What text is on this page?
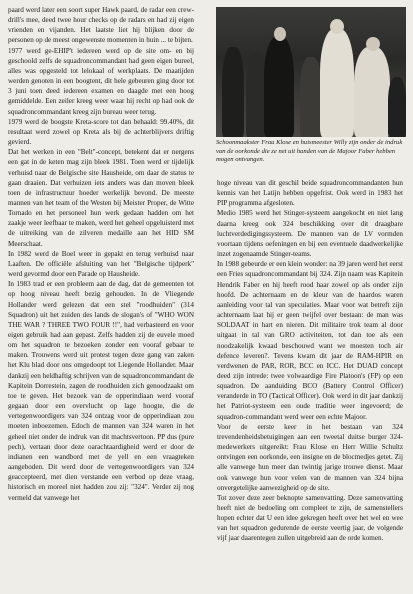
paard werd later een soort super Hawk paard, de radar een crew-drill's mee, deed twee hour checks op de radars en had zij eigen vrienden en vijanden. Het laatste liet hij blijken door de personen op de meest ongewenste momenten in huin ... te bijten.

1977 werd ge-EHIP't iedereen werd op de site om- en bij geschoold zelfs de squadroncommandant had geen eigen bureel, alles was opgesteld tot lelokaal of werkplaats. De maatijden werden genoten in een boogtent, dit hele gebeuren ging door tot 3 juni toen deed iedereen examen en daagde met een hoog gemiddelde. Een zeiler kreeg weer waar hij recht op had ook de squadroncommandant kreeg zijn bureau weer terug.

1979 werd de boogste Kreta-score tot dan behaald: 99.40%, dit resultaat werd zowel op Kreta als bij de achterblijvers driftig gevierd.

Dat het werken in een "Belt"-concept, betekent dat er nergens een gat in de keten mag zijn bleek 1981. Toen werd er tijdelijk verhuisd naar de Belgische site Hausheide, om daar de status te gaan draaien. Dat verhuizen iets anders was dan moven bleek toen de infrastructuur hoeder werkelijk bevond. De meeste mannen van het team of the Westen bij Meister Proper, de Witte Tornado en het personeel hun werk gedaan hadden om het zaakje weer leefbaar te maken, werd het geheel opgeluisterd met de uitreiking van de zilveren medaille aan het HID SM Meerschaat.

In 1982 werd de Boel weer in gepakt en terug verhuisd naar Laaften. De officiële afsluiting van het "Belgische tijdperk" werd gevormd door een Parade op Hausheide.

In 1983 trad er een probleem aan de dag, dat de gemeenten tot op hoog niveau heeft bezig gehouden. In de Vliegende Hollander werd gelezen dat een stel "roodhuiden" (314 Squadron) uit het zuiden des lands de slogan's of "WHO WON THE WAR ? THREE TWO FOUR !!", had verbasteerd en voor eigen gebruik had aan gepast. Zelfs hadden zij de euvele moed om het squadron te bezoeken zonder een vooraf gebaar te maken. Trouwens werd uit protest tegen deze gang van zaken het Klu blad door ons omgedoopt tot Liegende Hollander. Maar dankzij een heldhaftig schrijven van de squadroncommandant de Kapitein Dorrestein, zagen de roodhuiden zich genoodzaakt om toe te geven. Het bezoek van de opperindiaan werd vooraf gegaan door een overvlucht op lage hoogte, die de vertegenwoordigers van 324 ontzag voor de opperindiaan zou moeten inboezemen. Edoch de mannen van 324 waren in het geheel niet onder de indruk van dit machtsvertoon. PP dus (pure pech), vertaan door deze oarachtaardigheid werd er door de indianen een wandbord met de yell en een vraagteken aangeboden. Dit werd door de vertegenwoordigers van 324 geaccepteerd, met dien verstande een verbod op deze vraag, historisch en moreel niet hadden zou zij: "324". Verder zij nog vermeld dat vanwege het

Schoonmaakster Frau Klose en huismeester Willy zijn onder de indruk van de oorkonde die ze net uit handen van de Majoor Faber hebben mogen ontvangen.

hoge niveau van dit geschil beide squadroncommandanten hun kennis van het Latijn hebben opgefrist. Ook werd in 1983 het PIP programma afgesloten.

Medio 1985 werd het Stinger-systeem aangekocht en niet lang daarna kreeg ook 324 beschikking over dit draagbare luchtverdedigingssysteem. De mannen van de LV vormden voortaan tijdens oefeningen en bij een eventuele daadwerkelijke inzet zogenaamde Stinger-teams.

In 1988 gebeurde er een klein wonder: na 39 jaren werd het eerst een Fries squadroncommandant bij 324. Zijn naam was Kapitein Hendrik Faber en hij heeft rood haar zowel op als onder zijn hoofd. De achternaam en de kleur van de haardos waren aanleiding voor tal van speculaties. Maar voor wat betreft zijn achternaam laat hij er geen twijfel over bestaan: de man was SOLDAAT in hart en nieren. Dit militaire trok team al door uitgaat in tal van GRO activiteiten, tot dan toe als een noodzakelijk kwaad beschouwd want we moesten toch air defence leveren?. Tevens kwam dit jaar de RAM-HPIR en verdwenen de PAR, ROR, BCC en ICC. Het DUAD concept deed zijn intrede: twee volwaardige Fire Platoon's (FP) op een squadron. De aanduiding BCO (Battery Control Officer) veranderde in TO (Tactical Officer). Ook werd in dit jaar dankzij het Patriot-systeem een oude traditie weer ingevoerd; de squadron-commandant werd weer een echte Majoor.

Voor de eerste keer in het bestaan van 324 trevendenheidsbetuigingen aan een tweetal duitse burger 324-medewerkers uitgereikt: Frau Klose en Herr Willie Schultz ontvingen een oorkonde, een insigne en de blocmedjes getet. Zij alle vanwege hun meer dan twintig jarige trouwe dienst. Maar ook vanwege hun voor velen van de mannen van 324 bijna onvergetelijke aanwezigheid op de site.

Tot zover deze zeer beknopte samenvatting. Deze samenvatting heeft niet de bedoeling om compleet te zijn, de samenstellers hopen echter dat U een idee gekregen heeft over het wel en wee van het squadron gedurende de eerste veertig jaar, de volgende vijf jaar daarentegen zullen uitgebreid aan de orde komen.
